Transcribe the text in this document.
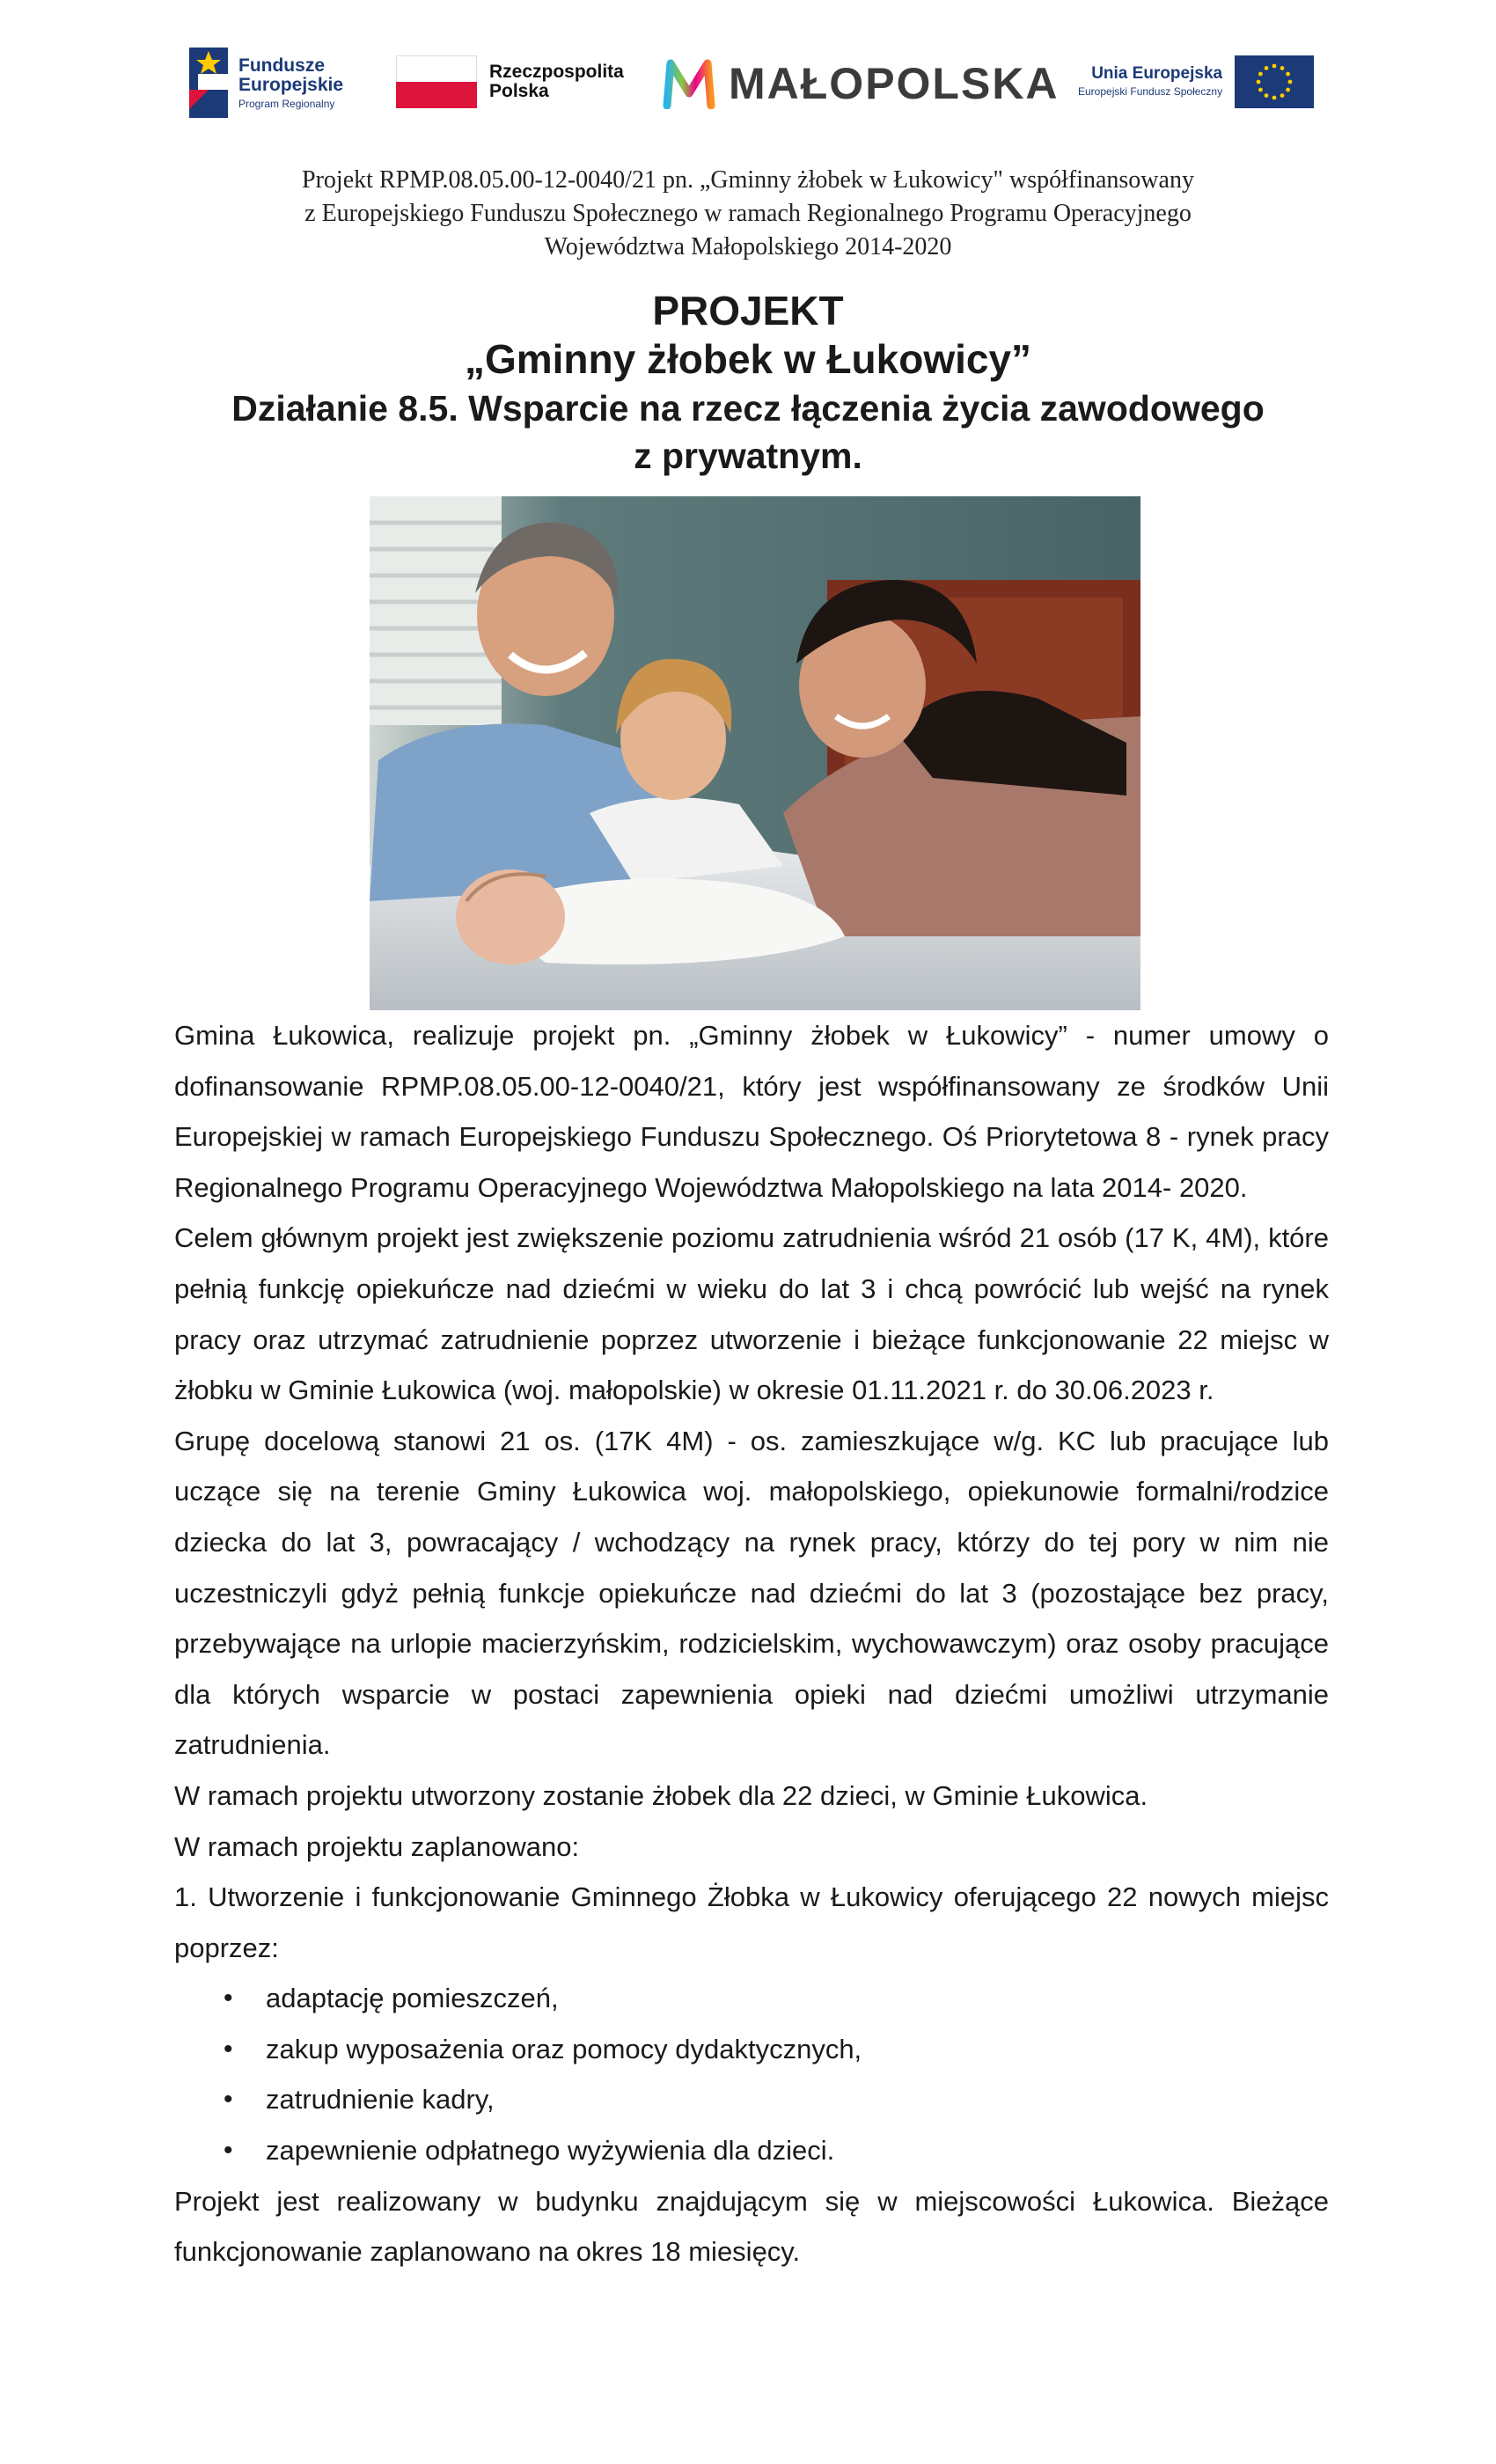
Fundusze
Europejskie
Program Regionalny
Rzeczpospolita
Polska	MAŁOPOLSKA	Unia Europejska
Europejski Fundusz Społeczny
Projekt RPMP.08.05.00-12-0040/21 pn. „Gminny żłobek w Łukowicy" współfinansowany
z Europejskiego Funduszu Społecznego w ramach Regionalnego Programu Operacyjnego
Województwa Małopolskiego 2014-2020
PROJEKT
„Gminny żłobek w Łukowicy”
Działanie 8.5. Wsparcie na rzecz łączenia życia zawodowego
z prywatnym.

Gmina Łukowica, realizuje projekt pn. „Gminny żłobek w Łukowicy” - numer umowy o dofinansowanie RPMP.08.05.00-12-0040/21, który jest współfinansowany ze środków Unii Europejskiej w ramach Europejskiego Funduszu Społecznego. Oś Priorytetowa 8 - rynek pracy Regionalnego Programu Operacyjnego Województwa Małopolskiego na lata 2014- 2020.

Celem głównym projekt jest zwiększenie poziomu zatrudnienia wśród 21 osób (17 K, 4M), które pełnią funkcję opiekuńcze nad dziećmi w wieku do lat 3 i chcą powrócić lub wejść na rynek pracy oraz utrzymać zatrudnienie poprzez utworzenie i bieżące funkcjonowanie 22 miejsc w żłobku w Gminie Łukowica (woj. małopolskie) w okresie 01.11.2021 r. do 30.06.2023 r.

Grupę docelową stanowi 21 os. (17K 4M) - os. zamieszkujące w/g. KC lub pracujące lub uczące się na terenie Gminy Łukowica woj. małopolskiego, opiekunowie formalni/rodzice dziecka do lat 3, powracający / wchodzący na rynek pracy, którzy do tej pory w nim nie uczestniczyli gdyż pełnią funkcje opiekuńcze nad dziećmi do lat 3 (pozostające bez pracy, przebywające na urlopie macierzyńskim, rodzicielskim, wychowawczym) oraz osoby pracujące dla których wsparcie w postaci zapewnienia opieki nad dziećmi umożliwi utrzymanie zatrudnienia.

W ramach projektu utworzony zostanie żłobek dla 22 dzieci, w Gminie Łukowica.

W ramach projektu zaplanowano:

1. Utworzenie i funkcjonowanie Gminnego Żłobka w Łukowicy oferującego 22 nowych miejsc poprzez:

• adaptację pomieszczeń,
• zakup wyposażenia oraz pomocy dydaktycznych,
• zatrudnienie kadry,
• zapewnienie odpłatnego wyżywienia dla dzieci.

Projekt jest realizowany w budynku znajdującym się w miejscowości Łukowica. Bieżące funkcjonowanie zaplanowano na okres 18 miesięcy.
